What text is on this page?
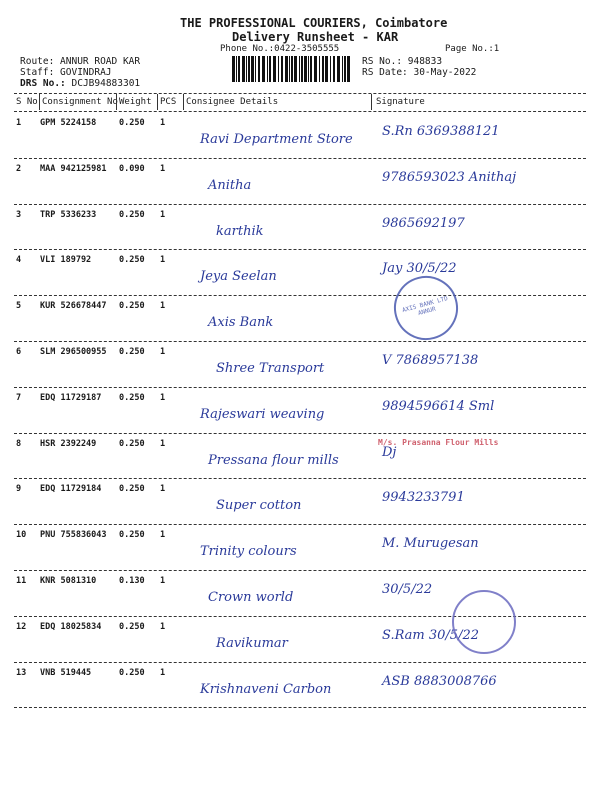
THE PROFESSIONAL COURIERS, Coimbatore
Delivery Runsheet - KAR
Phone No.:0422-3505555	Page No.:1
Route: ANNUR ROAD KAR
Staff: GOVINDRAJ
DRS No.: DCJB94883301
RS No.: 948833
RS Date: 30-May-2022
S No Consignment No Weight PCS Consignee Details	Signature
1 GPM 5224158	0.250 1
Ravi Department Store
S.Rn 6369388121
2 MAA 942125981 0.090 1
Anitha
9786593023 Anithaj
3 TRP 5336233	0.250 1
karthik
9865692197
4 VLI 189792	0.250 1
Jeya Seelan
Jay 30/5/22
5 KUR 526678447 0.250 1
Axis Bank
6 SLM 296500955 0.250 1
Shree Transport
V 7868957138
7 EDQ 11729187 0.250 1
Rajeswari weaving
9894596614 Sml
8 HSR 2392249	0.250 1
Pressana flour mills
Dj
9 EDQ 11729184 0.250 1
Super cotton
9943233791
10 PNU 755836043 0.250 1
Trinity colours
M. Murugesan
11 KNR 5081310	0.130 1
Crown world
30/5/22
12 EDQ 18025834 0.250 1
Ravikumar
S.Ram 30/5/22
13 VNB 519445	0.250 1
Krishnaveni Carbon
ASB 8883008766
AXIS BANK LTD ANNUR
M/s. Prasanna Flour Mills
